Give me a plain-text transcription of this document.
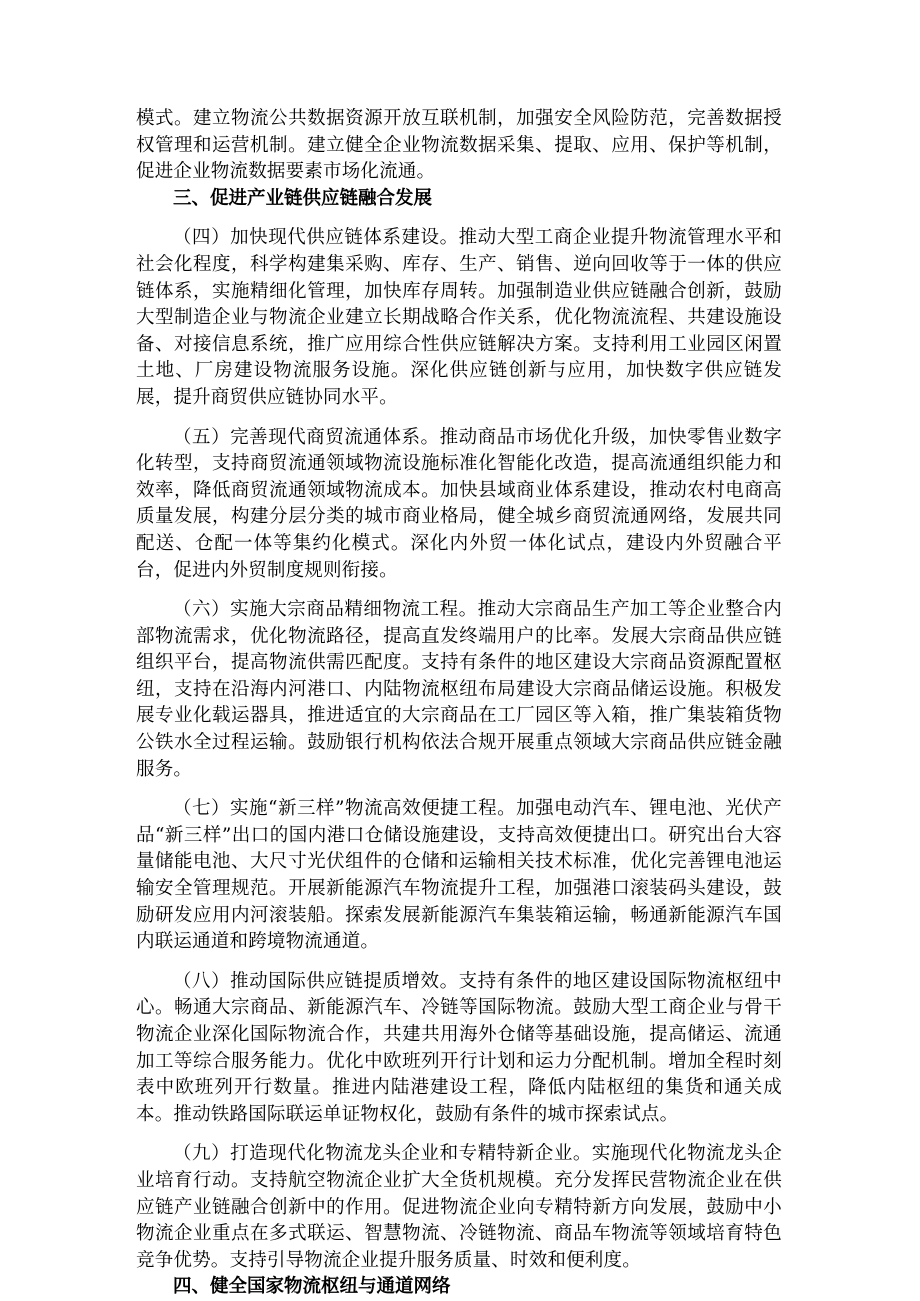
模式。建立物流公共数据资源开放互联机制，加强安全风险防范，完善数据授权管理和运营机制。建立健全企业物流数据采集、提取、应用、保护等机制，促进企业物流数据要素市场化流通。

三、促进产业链供应链融合发展

（四）加快现代供应链体系建设。推动大型工商企业提升物流管理水平和社会化程度，科学构建集采购、库存、生产、销售、逆向回收等于一体的供应链体系，实施精细化管理，加快库存周转。加强制造业供应链融合创新，鼓励大型制造企业与物流企业建立长期战略合作关系，优化物流流程、共建设施设备、对接信息系统，推广应用综合性供应链解决方案。支持利用工业园区闲置土地、厂房建设物流服务设施。深化供应链创新与应用，加快数字供应链发展，提升商贸供应链协同水平。

（五）完善现代商贸流通体系。推动商品市场优化升级，加快零售业数字化转型，支持商贸流通领域物流设施标准化智能化改造，提高流通组织能力和效率，降低商贸流通领域物流成本。加快县域商业体系建设，推动农村电商高质量发展，构建分层分类的城市商业格局，健全城乡商贸流通网络，发展共同配送、仓配一体等集约化模式。深化内外贸一体化试点，建设内外贸融合平台，促进内外贸制度规则衔接。

（六）实施大宗商品精细物流工程。推动大宗商品生产加工等企业整合内部物流需求，优化物流路径，提高直发终端用户的比率。发展大宗商品供应链组织平台，提高物流供需匹配度。支持有条件的地区建设大宗商品资源配置枢纽，支持在沿海内河港口、内陆物流枢纽布局建设大宗商品储运设施。积极发展专业化载运器具，推进适宜的大宗商品在工厂园区等入箱，推广集装箱货物公铁水全过程运输。鼓励银行机构依法合规开展重点领域大宗商品供应链金融服务。

（七）实施“新三样”物流高效便捷工程。加强电动汽车、锂电池、光伏产品“新三样”出口的国内港口仓储设施建设，支持高效便捷出口。研究出台大容量储能电池、大尺寸光伏组件的仓储和运输相关技术标准，优化完善锂电池运输安全管理规范。开展新能源汽车物流提升工程，加强港口滚装码头建设，鼓励研发应用内河滚装船。探索发展新能源汽车集装箱运输，畅通新能源汽车国内联运通道和跨境物流通道。

（八）推动国际供应链提质增效。支持有条件的地区建设国际物流枢纽中心。畅通大宗商品、新能源汽车、冷链等国际物流。鼓励大型工商企业与骨干物流企业深化国际物流合作，共建共用海外仓储等基础设施，提高储运、流通加工等综合服务能力。优化中欧班列开行计划和运力分配机制。增加全程时刻表中欧班列开行数量。推进内陆港建设工程，降低内陆枢纽的集货和通关成本。推动铁路国际联运单证物权化，鼓励有条件的城市探索试点。

（九）打造现代化物流龙头企业和专精特新企业。实施现代化物流龙头企业培育行动。支持航空物流企业扩大全货机规模。充分发挥民营物流企业在供应链产业链融合创新中的作用。促进物流企业向专精特新方向发展，鼓励中小物流企业重点在多式联运、智慧物流、冷链物流、商品车物流等领域培育特色竞争优势。支持引导物流企业提升服务质量、时效和便利度。

四、健全国家物流枢纽与通道网络
